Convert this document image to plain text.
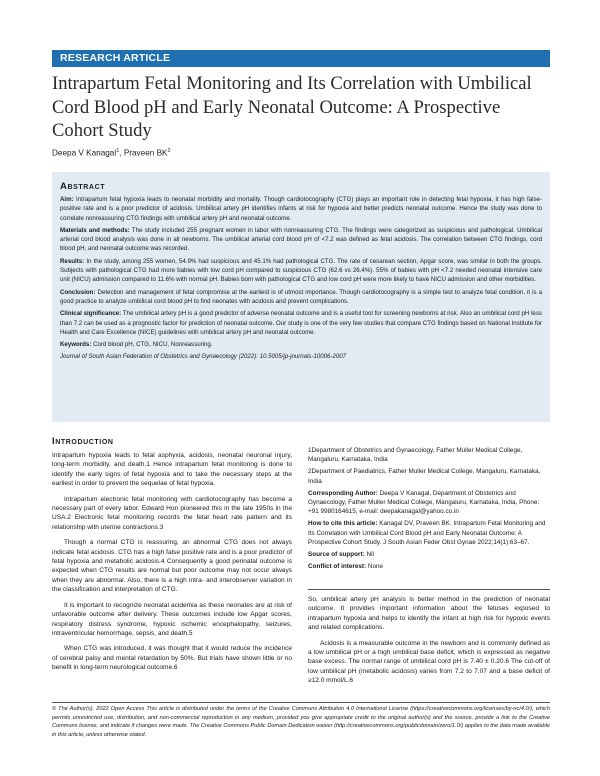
RESEARCH ARTICLE
Intrapartum Fetal Monitoring and Its Correlation with Umbilical Cord Blood pH and Early Neonatal Outcome: A Prospective Cohort Study
Deepa V Kanagal$^1$, Praveen $BK^2$
Abstract

Aim: Intrapartum fetal hypoxia leads to neonatal morbidity and mortality. Though cardiotocography (CTG) plays an important role in detecting fetal hypoxia, it has high false-positive rate and is a poor predictor of acidosis. Umbilical artery pH identifies infants at risk for hypoxia and better predicts neonatal outcome. Hence the study was done to correlate nonreassuring CTG findings with umbilical artery pH and neonatal outcome.

Materials and methods: The study included 255 pregnant women in labor with nonreassuring CTG. The findings were categorized as suspicious and pathological. Umbilical arterial cord blood analysis was done in all newborns. The umbilical arterial cord blood pH of <7.2 was defined as fetal acidosis. The correlation between CTG findings, cord blood pH, and neonatal outcome was recorded.

Results: In the study, among 255 women, 54.9% had suspicious and 45.1% had pathological CTG. The rate of cesarean section, Apgar score, was similar in both the groups. Subjects with pathological CTG had more babies with low cord pH compared to suspicious CTG (62.6 vs 26.4%). 55% of babies with pH <7.2 needed neonatal intensive care unit (NICU) admission compared to 11.6% with normal pH. Babies born with pathological CTG and low cord pH were more likely to have NICU admission and other morbidities.

Conclusion: Detection and management of fetal compromise at the earliest is of utmost importance. Though cardiotocography is a simple test to analyze fetal condition, it is a good practice to analyze umbilical cord blood pH to find neonates with acidosis and prevent complications.

Clinical significance: The umbilical artery pH is a good predictor of adverse neonatal outcome and is a useful tool for screening newborns at risk. Also an umbilical cord pH less than 7.2 can be used as a prognostic factor for prediction of neonatal outcome. Our study is one of the very few studies that compare CTG findings based on National Institute for Health and Care Excellence (NICE) guidelines with umbilical artery pH and neonatal outcome.

Keywords: Cord blood pH, CTG, NICU, Nonreassuring.

Journal of South Asian Federation of Obstetrics and Gynaecology (2022): 10.5005/jp-journals-10006-2007

Introduction

Intrapartum hypoxia leads to fetal asphyxia, acidosis, neonatal neuronal injury, long-term morbidity, and death.1 Hence intrapartum fetal monitoring is done to identify the early signs of fetal hypoxia and to take the necessary steps at the earliest in order to prevent the sequelae of fetal hypoxia.

Intrapartum electronic fetal monitoring with cardiotocography has become a necessary part of every labor. Edward Hon pioneered this in the late 1950s in the USA.2 Electronic fetal monitoring records the fetal heart rate pattern and its relationship with uterine contractions.3

Though a normal CTG is reassuring, an abnormal CTG does not always indicate fetal acidosis. CTG has a high false positive rate and is a poor predictor of fetal hypoxia and metabolic acidosis.4 Consequently a good perinatal outcome is expected when CTG results are normal but poor outcome may not occur always when they are abnormal. Also, there is a high intra- and interobserver variation in the classification and interpretation of CTG.

It is important to recognize neonatal acidemia as these neonates are at risk of unfavorable outcome after delivery. These outcomes include low Apgar scores, respiratory distress syndrome, hypoxic ischemic encephalopathy, seizures, intraventricular hemorrhage, sepsis, and death.5

When CTG was introduced, it was thought that it would reduce the incidence of cerebral palsy and mental retardation by 50%. But trials have shown little or no benefit in long-term neurological outcome.6

1Department of Obstetrics and Gynaecology, Father Muller Medical College, Mangaluru, Karnataka, India

2Department of Paediatrics, Father Muller Medical College, Mangaluru, Karnataka, India

Corresponding Author: Deepa V Kanagal, Department of Obstetrics and Gynaecology, Father Muller Medical College, Mangaluru, Karnataka, India, Phone: +91 9980164615, e-mail: deepakanagal@yahoo.co.in

How to cite this article: Kanagal DV, Praveen BK. Intrapartum Fetal Monitoring and Its Correlation with Umbilical Cord Blood pH and Early Neonatal Outcome: A Prospective Cohort Study. J South Asian Feder Obst Gynae 2022;14(1):63–67.

Source of support: Nil

Conflict of interest: None

So, umbilical artery pH analysis is better method in the prediction of neonatal outcome. It provides important information about the fetuses exposed to intrapartum hypoxia and helps to identify the infant at high risk for hypoxic events and related complications.

Acidosis is a measurable outcome in the newborn and is commonly defined as a low umbilical pH or a high umbilical base deficit, which is expressed as negative base excess. The normal range of umbilical cord pH is 7.40 ± 0.20.6 The cut-off of low umbilical pH (metabolic acidosis) varies from 7.2 to 7.07 and a base deficit of ≥12.0 mmol/L.6

© The Author(s). 2022 Open Access This article is distributed under the terms of the Creative Commons Attribution 4.0 International License (https://creativecommons.org/licenses/by-nc/4.0/), which permits unrestricted use, distribution, and non-commercial reproduction in any medium, provided you give appropriate credit to the original author(s) and the source, provide a link to the Creative Commons license, and indicate if changes were made. The Creative Commons Public Domain Dedication waiver (http://creativecommons.org/publicdomain/zero/1.0/) applies to the data made available in this article, unless otherwise stated.
